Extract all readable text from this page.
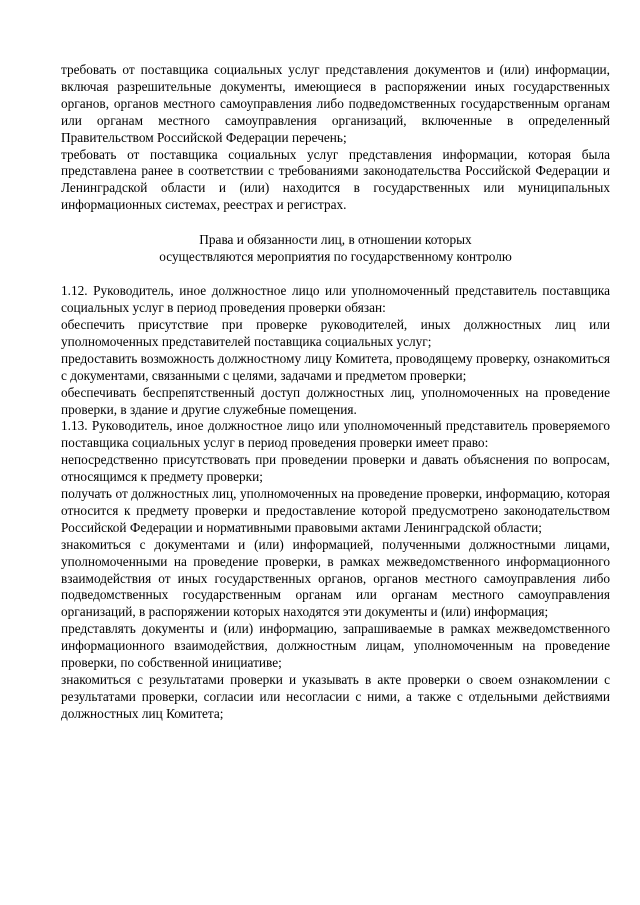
требовать от поставщика социальных услуг представления документов и (или) информации, включая разрешительные документы, имеющиеся в распоряжении иных государственных органов, органов местного самоуправления либо подведомственных государственным органам или органам местного самоуправления организаций, включенные в определенный Правительством Российской Федерации перечень;

требовать от поставщика социальных услуг представления информации, которая была представлена ранее в соответствии с требованиями законодательства Российской Федерации и Ленинградской области и (или) находится в государственных или муниципальных информационных системах, реестрах и регистрах.

Права и обязанности лиц, в отношении которых

осуществляются мероприятия по государственному контролю

1.12. Руководитель, иное должностное лицо или уполномоченный представитель поставщика социальных услуг в период проведения проверки обязан:

обеспечить присутствие при проверке руководителей, иных должностных лиц или уполномоченных представителей поставщика социальных услуг;

предоставить возможность должностному лицу Комитета, проводящему проверку, ознакомиться с документами, связанными с целями, задачами и предметом проверки;

обеспечивать беспрепятственный доступ должностных лиц, уполномоченных на проведение проверки, в здание и другие служебные помещения.

1.13. Руководитель, иное должностное лицо или уполномоченный представитель проверяемого поставщика социальных услуг в период проведения проверки имеет право:

непосредственно присутствовать при проведении проверки и давать объяснения по вопросам, относящимся к предмету проверки;

получать от должностных лиц, уполномоченных на проведение проверки, информацию, которая относится к предмету проверки и предоставление которой предусмотрено законодательством Российской Федерации и нормативными правовыми актами Ленинградской области;

знакомиться с документами и (или) информацией, полученными должностными лицами, уполномоченными на проведение проверки, в рамках межведомственного информационного взаимодействия от иных государственных органов, органов местного самоуправления либо подведомственных государственным органам или органам местного самоуправления организаций, в распоряжении которых находятся эти документы и (или) информация;

представлять документы и (или) информацию, запрашиваемые в рамках межведомственного информационного взаимодействия, должностным лицам, уполномоченным на проведение проверки, по собственной инициативе;

знакомиться с результатами проверки и указывать в акте проверки о своем ознакомлении с результатами проверки, согласии или несогласии с ними, а также с отдельными действиями должностных лиц Комитета;
